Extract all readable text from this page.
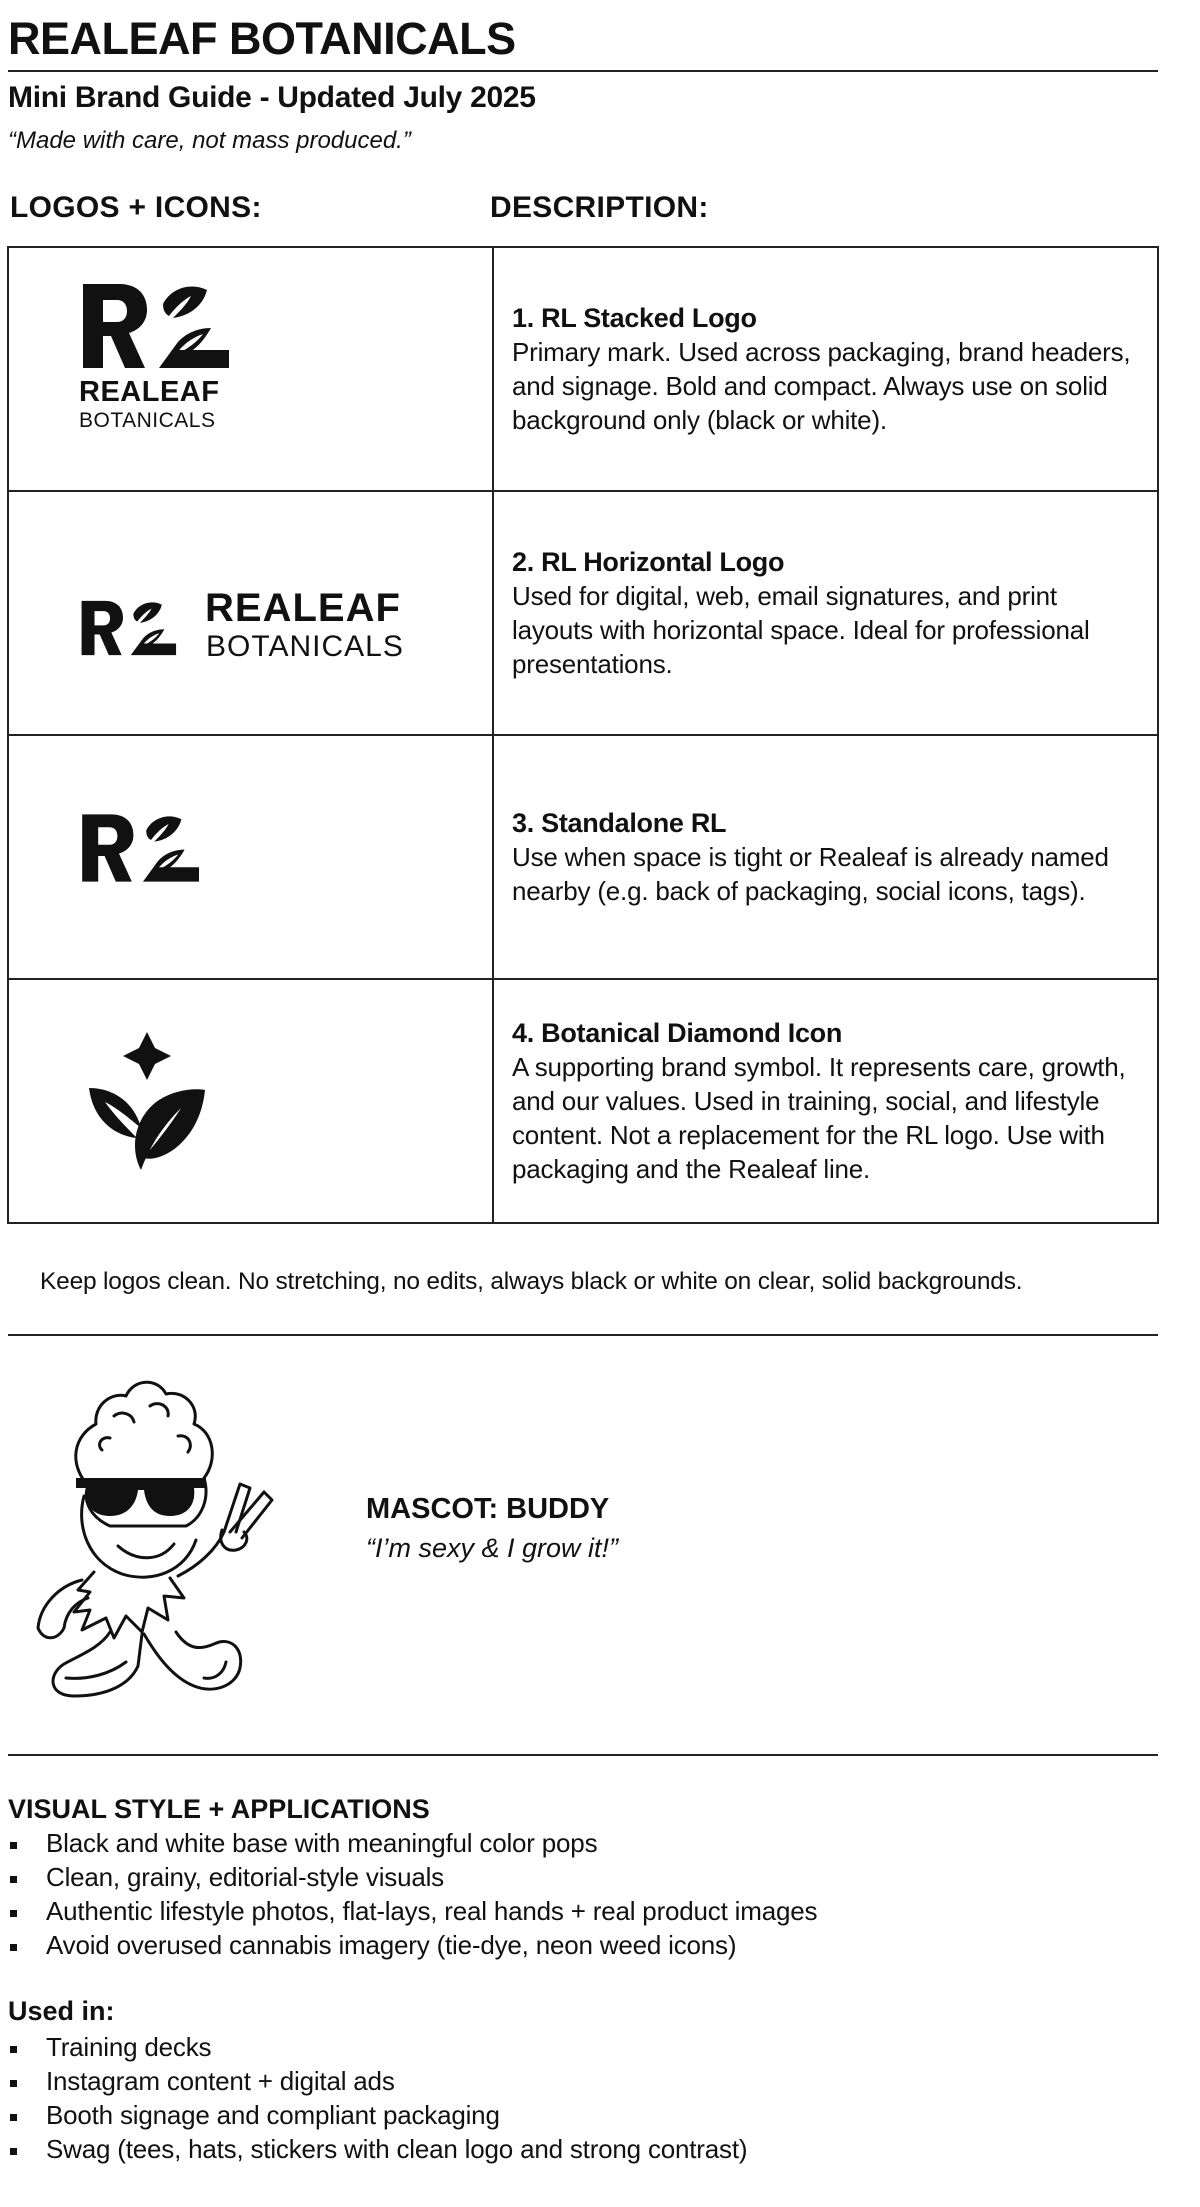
REALEAF BOTANICALS
Mini Brand Guide - Updated July 2025
“Made with care, not mass produced.”
LOGOS + ICONS:	DESCRIPTION:
REALEAF
BOTANICALS
1. RL Stacked Logo
Primary mark. Used across packaging, brand headers, and signage. Bold and compact. Always use on solid background only (black or white).
REALEAF
BOTANICALS
2. RL Horizontal Logo
Used for digital, web, email signatures, and print layouts with horizontal space. Ideal for professional presentations.
3. Standalone RL
Use when space is tight or Realeaf is already named nearby (e.g. back of packaging, social icons, tags).
4. Botanical Diamond Icon
A supporting brand symbol. It represents care, growth, and our values. Used in training, social, and lifestyle content. Not a replacement for the RL logo. Use with packaging and the Realeaf line.
Keep logos clean. No stretching, no edits, always black or white on clear, solid backgrounds.
MASCOT: BUDDY
“I’m sexy & I grow it!”
VISUAL STYLE + APPLICATIONS
Black and white base with meaningful color pops
Clean, grainy, editorial-style visuals
Authentic lifestyle photos, flat-lays, real hands + real product images
Avoid overused cannabis imagery (tie-dye, neon weed icons)
Used in:
Training decks
Instagram content + digital ads
Booth signage and compliant packaging
Swag (tees, hats, stickers with clean logo and strong contrast)
